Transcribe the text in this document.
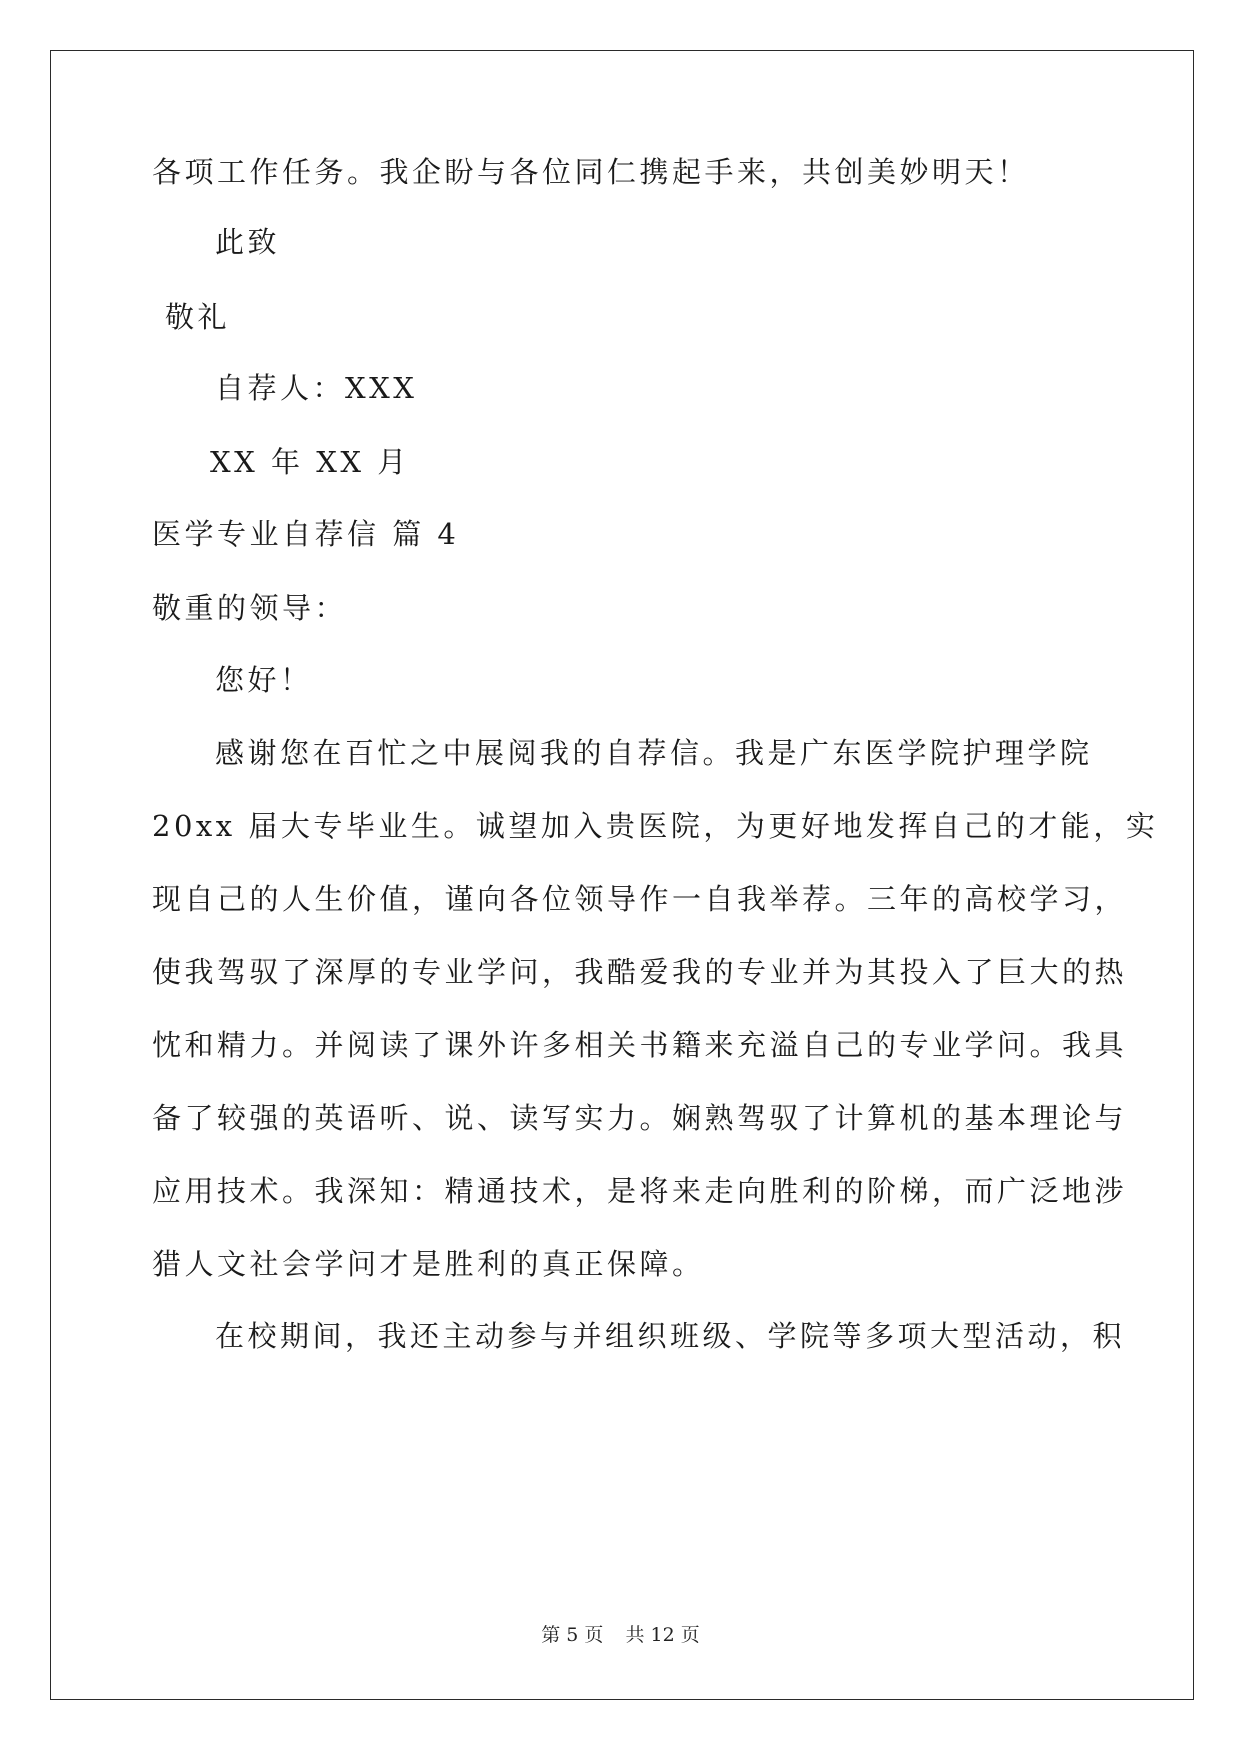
各项工作任务。我企盼与各位同仁携起手来，共创美妙明天！
此致
敬礼
自荐人：XXX
XX 年 XX 月
医学专业自荐信 篇 4
敬重的领导：
您好！
感谢您在百忙之中展阅我的自荐信。我是广东医学院护理学院
20xx 届大专毕业生。诚望加入贵医院，为更好地发挥自己的才能，实
现自己的人生价值，谨向各位领导作一自我举荐。三年的高校学习，
使我驾驭了深厚的专业学问，我酷爱我的专业并为其投入了巨大的热
忱和精力。并阅读了课外许多相关书籍来充溢自己的专业学问。我具
备了较强的英语听、说、读写实力。娴熟驾驭了计算机的基本理论与
应用技术。我深知：精通技术，是将来走向胜利的阶梯，而广泛地涉
猎人文社会学问才是胜利的真正保障。
在校期间，我还主动参与并组织班级、学院等多项大型活动，积
第 5 页 共 12 页
